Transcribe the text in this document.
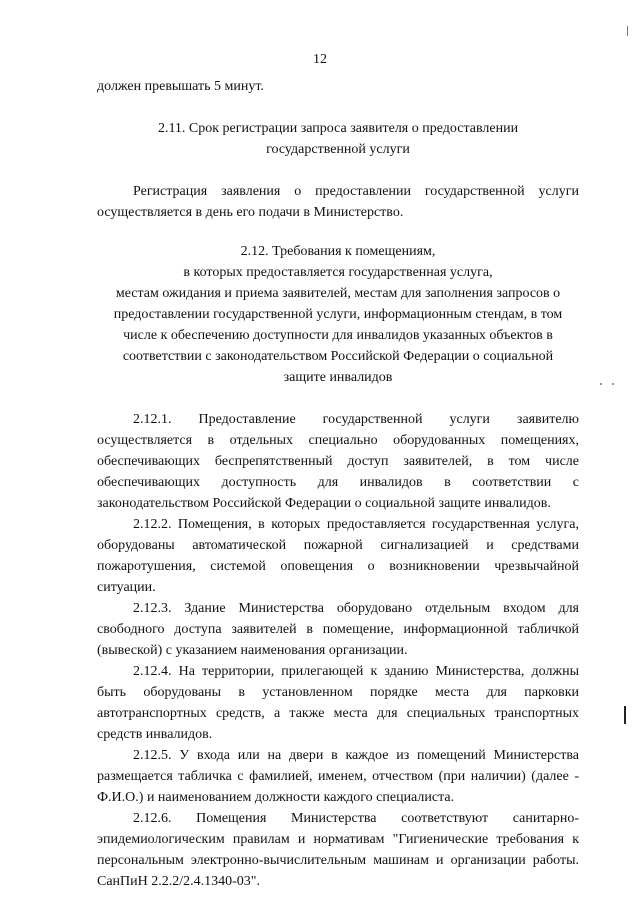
12

должен превышать 5 минут.

2.11. Срок регистрации запроса заявителя о предоставлении
государственной услуги

Регистрация заявления о предоставлении государственной услуги осуществляется в день его подачи в Министерство.

2.12. Требования к помещениям,
в которых предоставляется государственная услуга,
местам ожидания и приема заявителей, местам для заполнения запросов о
предоставлении государственной услуги, информационным стендам, в том
числе к обеспечению доступности для инвалидов указанных объектов в
соответствии с законодательством Российской Федерации о социальной
защите инвалидов

2.12.1. Предоставление государственной услуги заявителю осуществляется в отдельных специально оборудованных помещениях, обеспечивающих беспрепятственный доступ заявителей, в том числе обеспечивающих доступность для инвалидов в соответствии с законодательством Российской Федерации о социальной защите инвалидов.

2.12.2. Помещения, в которых предоставляется государственная услуга, оборудованы автоматической пожарной сигнализацией и средствами пожаротушения, системой оповещения о возникновении чрезвычайной ситуации.

2.12.3. Здание Министерства оборудовано отдельным входом для свободного доступа заявителей в помещение, информационной табличкой (вывеской) с указанием наименования организации.

2.12.4. На территории, прилегающей к зданию Министерства, должны быть оборудованы в установленном порядке места для парковки автотранспортных средств, а также места для специальных транспортных средств инвалидов.

2.12.5. У входа или на двери в каждое из помещений Министерства размещается табличка с фамилией, именем, отчеством (при наличии) (далее - Ф.И.О.) и наименованием должности каждого специалиста.

2.12.6. Помещения Министерства соответствуют санитарно-эпидемиологическим правилам и нормативам "Гигиенические требования к персональным электронно-вычислительным машинам и организации работы. СанПиН 2.2.2/2.4.1340-03".
